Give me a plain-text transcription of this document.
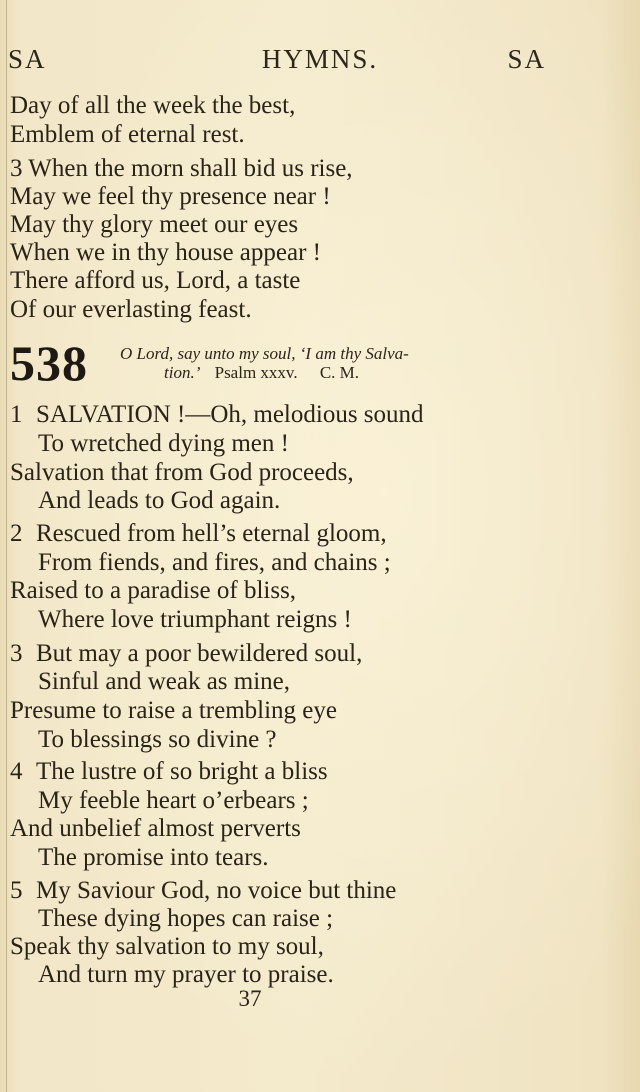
SA	HYMNS.	SA
Day of all the week the best,
Emblem of eternal rest.
3 When the morn shall bid us rise,
May we feel thy presence near !
May thy glory meet our eyes
When we in thy house appear !
There afford us, Lord, a taste
Of our everlasting feast.
538 O Lord, say unto my soul, ‘I am thy Salva-
tion.’ Psalm xxxv. C. M.
1 SALVATION !—Oh, melodious sound
To wretched dying men !
Salvation that from God proceeds,
And leads to God again.
2 Rescued from hell’s eternal gloom,
From fiends, and fires, and chains ;
Raised to a paradise of bliss,
Where love triumphant reigns !
3 But may a poor bewildered soul,
Sinful and weak as mine,
Presume to raise a trembling eye
To blessings so divine ?
4 The lustre of so bright a bliss
My feeble heart o’erbears ;
And unbelief almost perverts
The promise into tears.
5 My Saviour God, no voice but thine
These dying hopes can raise ;
Speak thy salvation to my soul,
And turn my prayer to praise.
37
